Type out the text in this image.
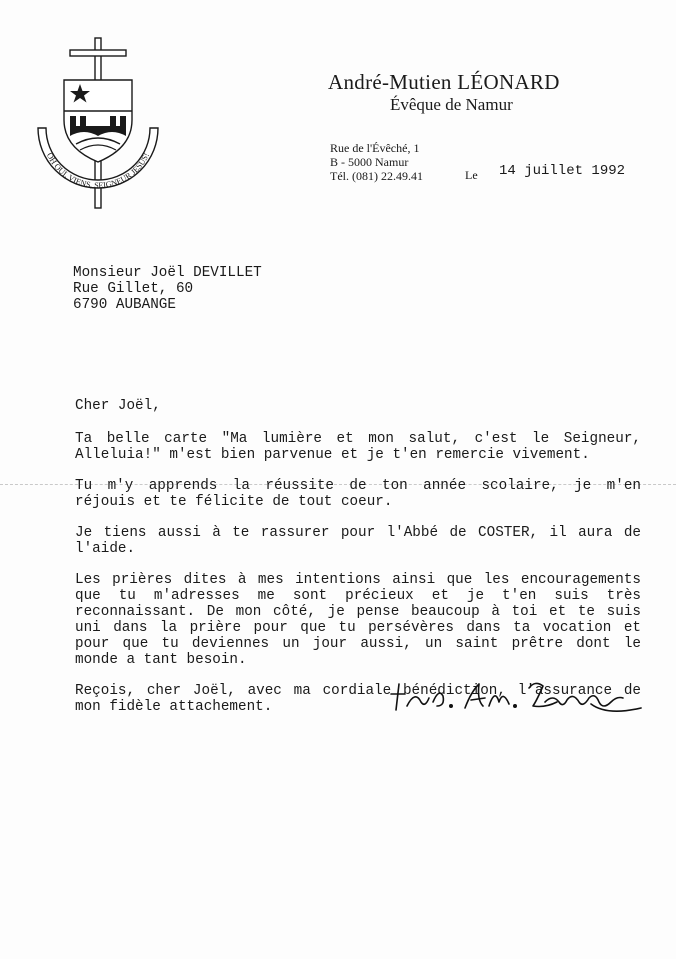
OH OUI, VIENS, SEIGNEUR JÉSUS!
André-Mutien LÉONARD
Évêque de Namur
Rue de l'Évêché, 1
B - 5000 Namur
Tél. (081) 22.49.41	Le 14 juillet 1992
Monsieur Joël DEVILLET
Rue Gillet, 60
6790 AUBANGE

Cher Joël,

Ta belle carte "Ma lumière et mon salut, c'est le Seigneur, Alleluia!" m'est bien parvenue et je t'en remercie vivement.

Tu m'y apprends la réussite de ton année scolaire, je m'en réjouis et te félicite de tout coeur.

Je tiens aussi à te rassurer pour l'Abbé de COSTER, il aura de l'aide.

Les prières dites à mes intentions ainsi que les encouragements que tu m'adresses me sont précieux et je t'en suis très reconnaissant. De mon côté, je pense beaucoup à toi et te suis uni dans la prière pour que tu persévères dans ta vocation et pour que tu deviennes un jour aussi, un saint prêtre dont le monde a tant besoin.

Reçois, cher Joël, avec ma cordiale bénédiction, l'assurance de mon fidèle attachement.
